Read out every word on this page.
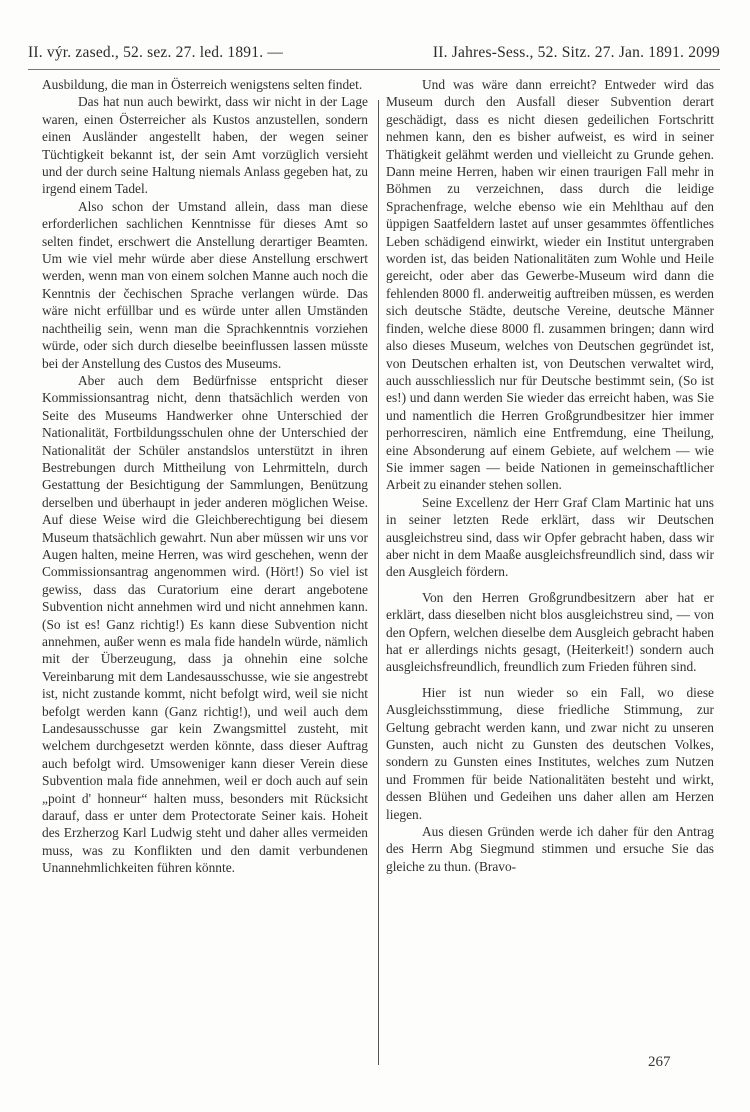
II. výr. zased., 52. sez. 27. led. 1891. —	II. Jahres-Sess., 52. Sitz. 27. Jan. 1891. 2099

Ausbildung, die man in Österreich wenigstens selten findet.

Das hat nun auch bewirkt, dass wir nicht in der Lage waren, einen Österreicher als Kustos anzustellen, sondern einen Ausländer angestellt haben, der wegen seiner Tüchtigkeit bekannt ist, der sein Amt vorzüglich versieht und der durch seine Haltung niemals Anlass gegeben hat, zu irgend einem Tadel.

Also schon der Umstand allein, dass man diese erforderlichen sachlichen Kenntnisse für dieses Amt so selten findet, erschwert die Anstellung derartiger Beamten. Um wie viel mehr würde aber diese Anstellung erschwert werden, wenn man von einem solchen Manne auch noch die Kenntnis der čechischen Sprache verlangen würde. Das wäre nicht erfüllbar und es würde unter allen Umständen nachtheilig sein, wenn man die Sprachkenntnis vorziehen würde, oder sich durch dieselbe beeinflussen lassen müsste bei der Anstellung des Custos des Museums.

Aber auch dem Bedürfnisse entspricht dieser Kommissionsantrag nicht, denn thatsächlich werden von Seite des Museums Handwerker ohne Unterschied der Nationalität, Fortbildungsschulen ohne der Unterschied der Nationalität der Schüler anstandslos unterstützt in ihren Bestrebungen durch Mittheilung von Lehrmitteln, durch Gestattung der Besichtigung der Sammlungen, Benützung derselben und überhaupt in jeder anderen möglichen Weise. Auf diese Weise wird die Gleichberechtigung bei diesem Museum thatsächlich gewahrt. Nun aber müssen wir uns vor Augen halten, meine Herren, was wird geschehen, wenn der Commissionsantrag angenommen wird. (Hört!) So viel ist gewiss, dass das Curatorium eine derart angebotene Subvention nicht annehmen wird und nicht annehmen kann. (So ist es! Ganz richtig!) Es kann diese Subvention nicht annehmen, außer wenn es mala fide handeln würde, nämlich mit der Überzeugung, dass ja ohnehin eine solche Vereinbarung mit dem Landesausschusse, wie sie angestrebt ist, nicht zustande kommt, nicht befolgt wird, weil sie nicht befolgt werden kann (Ganz richtig!), und weil auch dem Landesausschusse gar kein Zwangsmittel zusteht, mit welchem durchgesetzt werden könnte, dass dieser Auftrag auch befolgt wird. Umsoweniger kann dieser Verein diese Subvention mala fide annehmen, weil er doch auch auf sein „point d' honneur“ halten muss, besonders mit Rücksicht darauf, dass er unter dem Protectorate Seiner kais. Hoheit des Erzherzog Karl Ludwig steht und daher alles vermeiden muss, was zu Konflikten und den damit verbundenen Unannehmlichkeiten führen könnte.

Und was wäre dann erreicht? Entweder wird das Museum durch den Ausfall dieser Subvention derart geschädigt, dass es nicht diesen gedeilichen Fortschritt nehmen kann, den es bisher aufweist, es wird in seiner Thätigkeit gelähmt werden und vielleicht zu Grunde gehen. Dann meine Herren, haben wir einen traurigen Fall mehr in Böhmen zu verzeichnen, dass durch die leidige Sprachenfrage, welche ebenso wie ein Mehlthau auf den üppigen Saatfeldern lastet auf unser gesammtes öffentliches Leben schädigend einwirkt, wieder ein Institut untergraben worden ist, das beiden Nationalitäten zum Wohle und Heile gereicht, oder aber das Gewerbe-Museum wird dann die fehlenden 8000 fl. anderweitig auftreiben müssen, es werden sich deutsche Städte, deutsche Vereine, deutsche Männer finden, welche diese 8000 fl. zusammen bringen; dann wird also dieses Museum, welches von Deutschen gegründet ist, von Deutschen erhalten ist, von Deutschen verwaltet wird, auch ausschliesslich nur für Deutsche bestimmt sein, (So ist es!) und dann werden Sie wieder das erreicht haben, was Sie und namentlich die Herren Großgrundbesitzer hier immer perhorresciren, nämlich eine Entfremdung, eine Theilung, eine Absonderung auf einem Gebiete, auf welchem — wie Sie immer sagen — beide Nationen in gemeinschaftlicher Arbeit zu einander stehen sollen.

Seine Excellenz der Herr Graf Clam Martinic hat uns in seiner letzten Rede erklärt, dass wir Deutschen ausgleichstreu sind, dass wir Opfer gebracht haben, dass wir aber nicht in dem Maaße ausgleichsfreundlich sind, dass wir den Ausgleich fördern.

Von den Herren Großgrundbesitzern aber hat er erklärt, dass dieselben nicht blos ausgleichstreu sind, — von den Opfern, welchen dieselbe dem Ausgleich gebracht haben hat er allerdings nichts gesagt, (Heiterkeit!) sondern auch ausgleichsfreundlich, freundlich zum Frieden führen sind.

Hier ist nun wieder so ein Fall, wo diese Ausgleichsstimmung, diese friedliche Stimmung, zur Geltung gebracht werden kann, und zwar nicht zu unseren Gunsten, auch nicht zu Gunsten des deutschen Volkes, sondern zu Gunsten eines Institutes, welches zum Nutzen und Frommen für beide Nationalitäten besteht und wirkt, dessen Blühen und Gedeihen uns daher allen am Herzen liegen.

Aus diesen Gründen werde ich daher für den Antrag des Herrn Abg Siegmund stimmen und ersuche Sie das gleiche zu thun. (Bravo-

267
